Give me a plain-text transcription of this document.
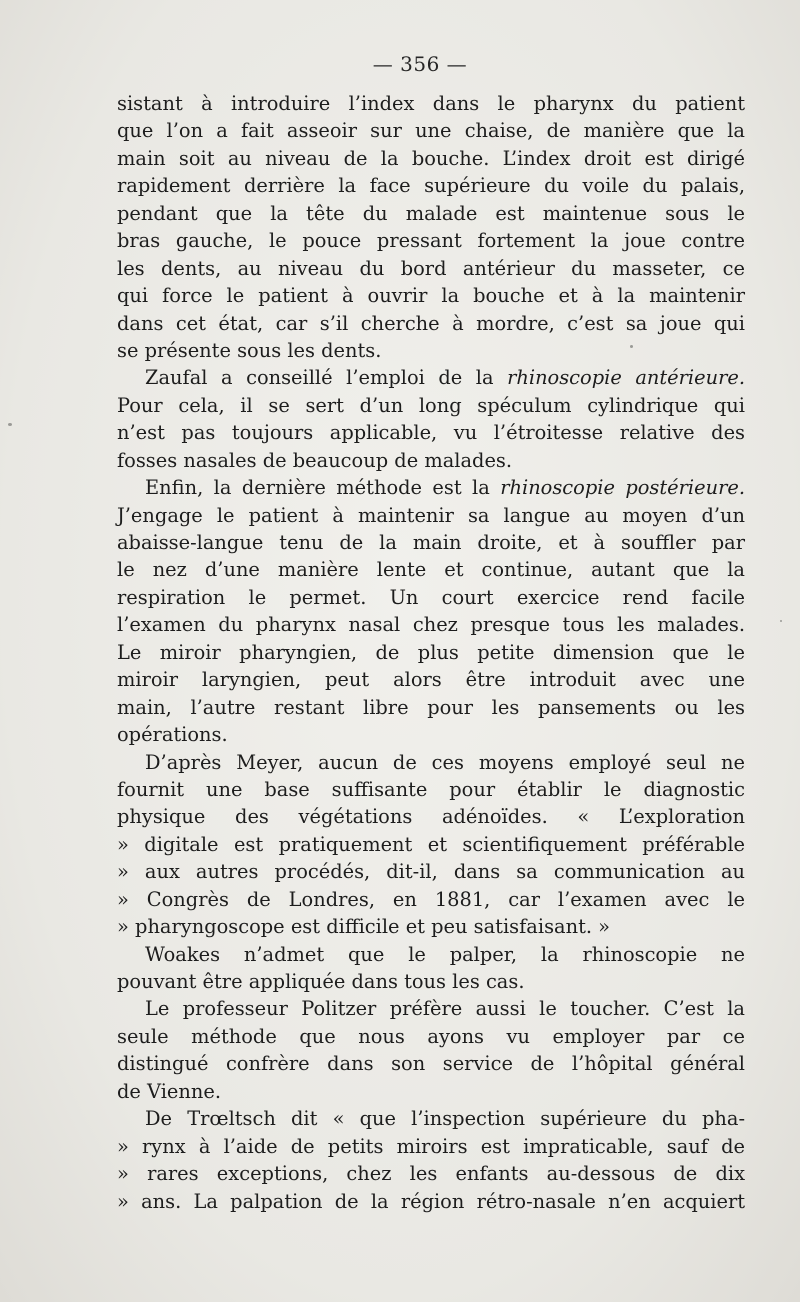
— 356 —
sistant à introduire l’index dans le pharynx du patient
que l’on a fait asseoir sur une chaise, de manière que la
main soit au niveau de la bouche. L’index droit est dirigé
rapidement derrière la face supérieure du voile du palais,
pendant que la tête du malade est maintenue sous le
bras gauche, le pouce pressant fortement la joue contre
les dents, au niveau du bord antérieur du masseter, ce
qui force le patient à ouvrir la bouche et à la maintenir
dans cet état, car s’il cherche à mordre, c’est sa joue qui
se présente sous les dents.
Zaufal a conseillé l’emploi de la rhinoscopie antérieure.
Pour cela, il se sert d’un long spéculum cylindrique qui
n’est pas toujours applicable, vu l’étroitesse relative des
fosses nasales de beaucoup de malades.
Enfin, la dernière méthode est la rhinoscopie postérieure.
J’engage le patient à maintenir sa langue au moyen d’un
abaisse-langue tenu de la main droite, et à souffler par
le nez d’une manière lente et continue, autant que la
respiration le permet. Un court exercice rend facile
l’examen du pharynx nasal chez presque tous les malades.
Le miroir pharyngien, de plus petite dimension que le
miroir laryngien, peut alors être introduit avec une
main, l’autre restant libre pour les pansements ou les
opérations.
D’après Meyer, aucun de ces moyens employé seul ne
fournit une base suffisante pour établir le diagnostic
physique des végétations adénoïdes. « L’exploration
» digitale est pratiquement et scientifiquement préférable
» aux autres procédés, dit-il, dans sa communication au
» Congrès de Londres, en 1881, car l’examen avec le
» pharyngoscope est difficile et peu satisfaisant. »
Woakes n’admet que le palper, la rhinoscopie ne
pouvant être appliquée dans tous les cas.
Le professeur Politzer préfère aussi le toucher. C’est la
seule méthode que nous ayons vu employer par ce
distingué confrère dans son service de l’hôpital général
de Vienne.
De Trœltsch dit « que l’inspection supérieure du pha-
» rynx à l’aide de petits miroirs est impraticable, sauf de
» rares exceptions, chez les enfants au-dessous de dix
» ans. La palpation de la région rétro-nasale n’en acquiert
